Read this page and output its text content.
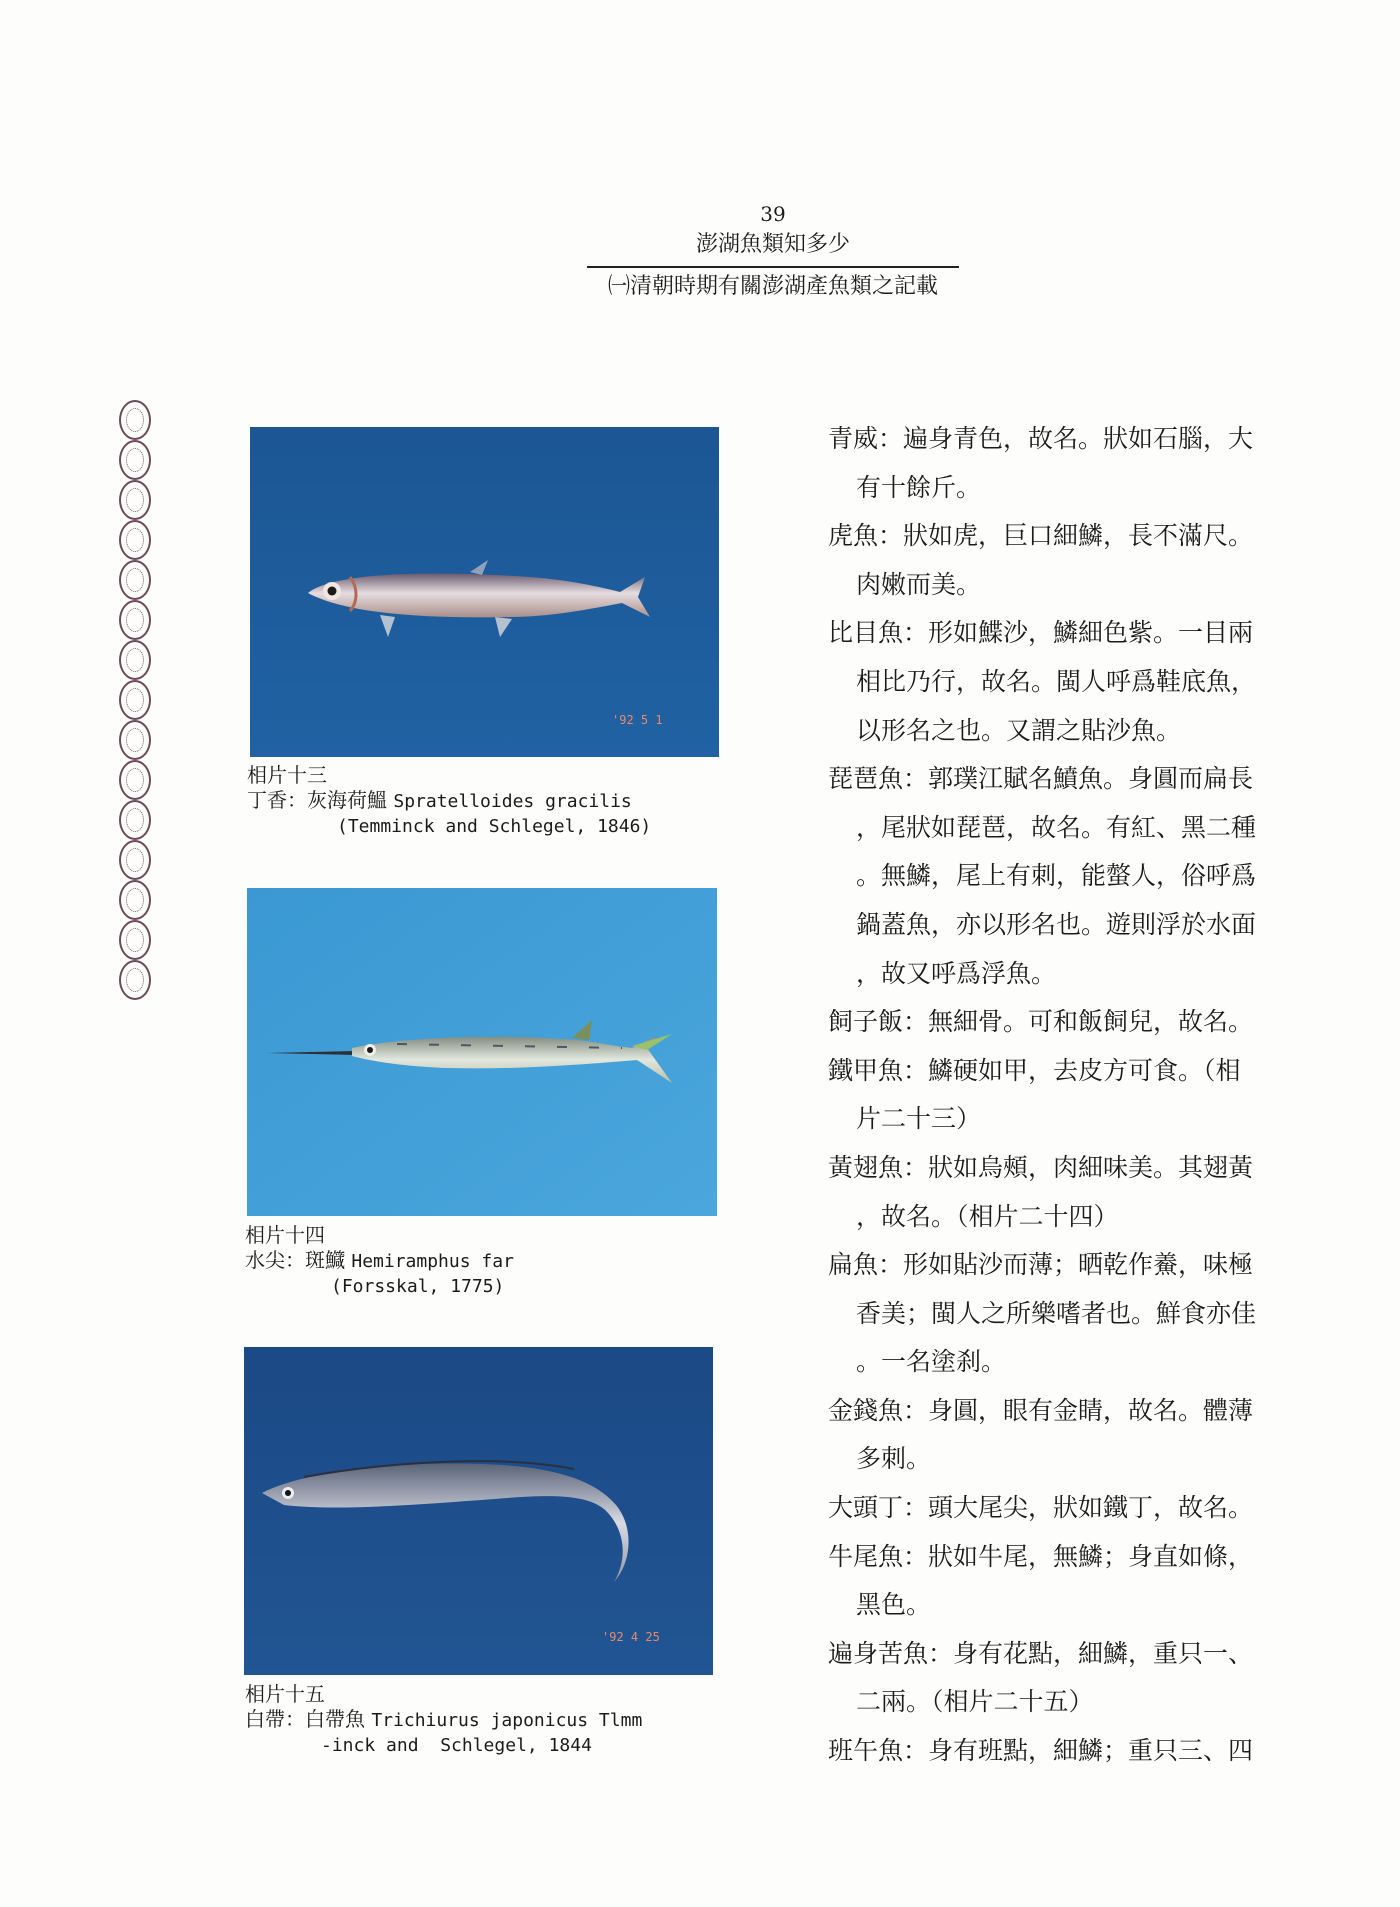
39
澎湖魚類知多少
㈠清朝時期有關澎湖產魚類之記載
'92 5 1
相片十三
丁香：灰海荷鰮 Spratelloides gracilis
(Temminck and Schlegel, 1846)
相片十四
水尖：斑鱵 Hemiramphus far
(Forsskal, 1775)
'92 4 25
相片十五
白帶：白帶魚 Trichiurus japonicus Tlmm
-inck and  Schlegel, 1844
青威：遍身青色，故名。狀如石腦，大
有十餘斤。
虎魚：狀如虎，巨口細鱗，長不滿尺。
肉嫩而美。
比目魚：形如鰈沙，鱗細色紫。一目兩
相比乃行，故名。閩人呼爲鞋底魚，
以形名之也。又謂之貼沙魚。
琵琶魚：郭璞江賦名鱝魚。身圓而扁長
，尾狀如琵琶，故名。有紅、黑二種
。無鱗，尾上有刺，能螫人，俗呼爲
鍋蓋魚，亦以形名也。遊則浮於水面
，故又呼爲浮魚。
飼子飯：無細骨。可和飯飼兒，故名。
鐵甲魚：鱗硬如甲，去皮方可食。（相
片二十三）
黃翅魚：狀如烏頰，肉細味美。其翅黃
，故名。（相片二十四）
扁魚：形如貼沙而薄；晒乾作鯗，味極
香美；閩人之所樂嗜者也。鮮食亦佳
。一名塗刹。
金錢魚：身圓，眼有金睛，故名。體薄
多刺。
大頭丁：頭大尾尖，狀如鐵丁，故名。
牛尾魚：狀如牛尾，無鱗；身直如條，
黑色。
遍身苦魚：身有花點，細鱗，重只一、
二兩。（相片二十五）
班午魚：身有班點，細鱗；重只三、四
